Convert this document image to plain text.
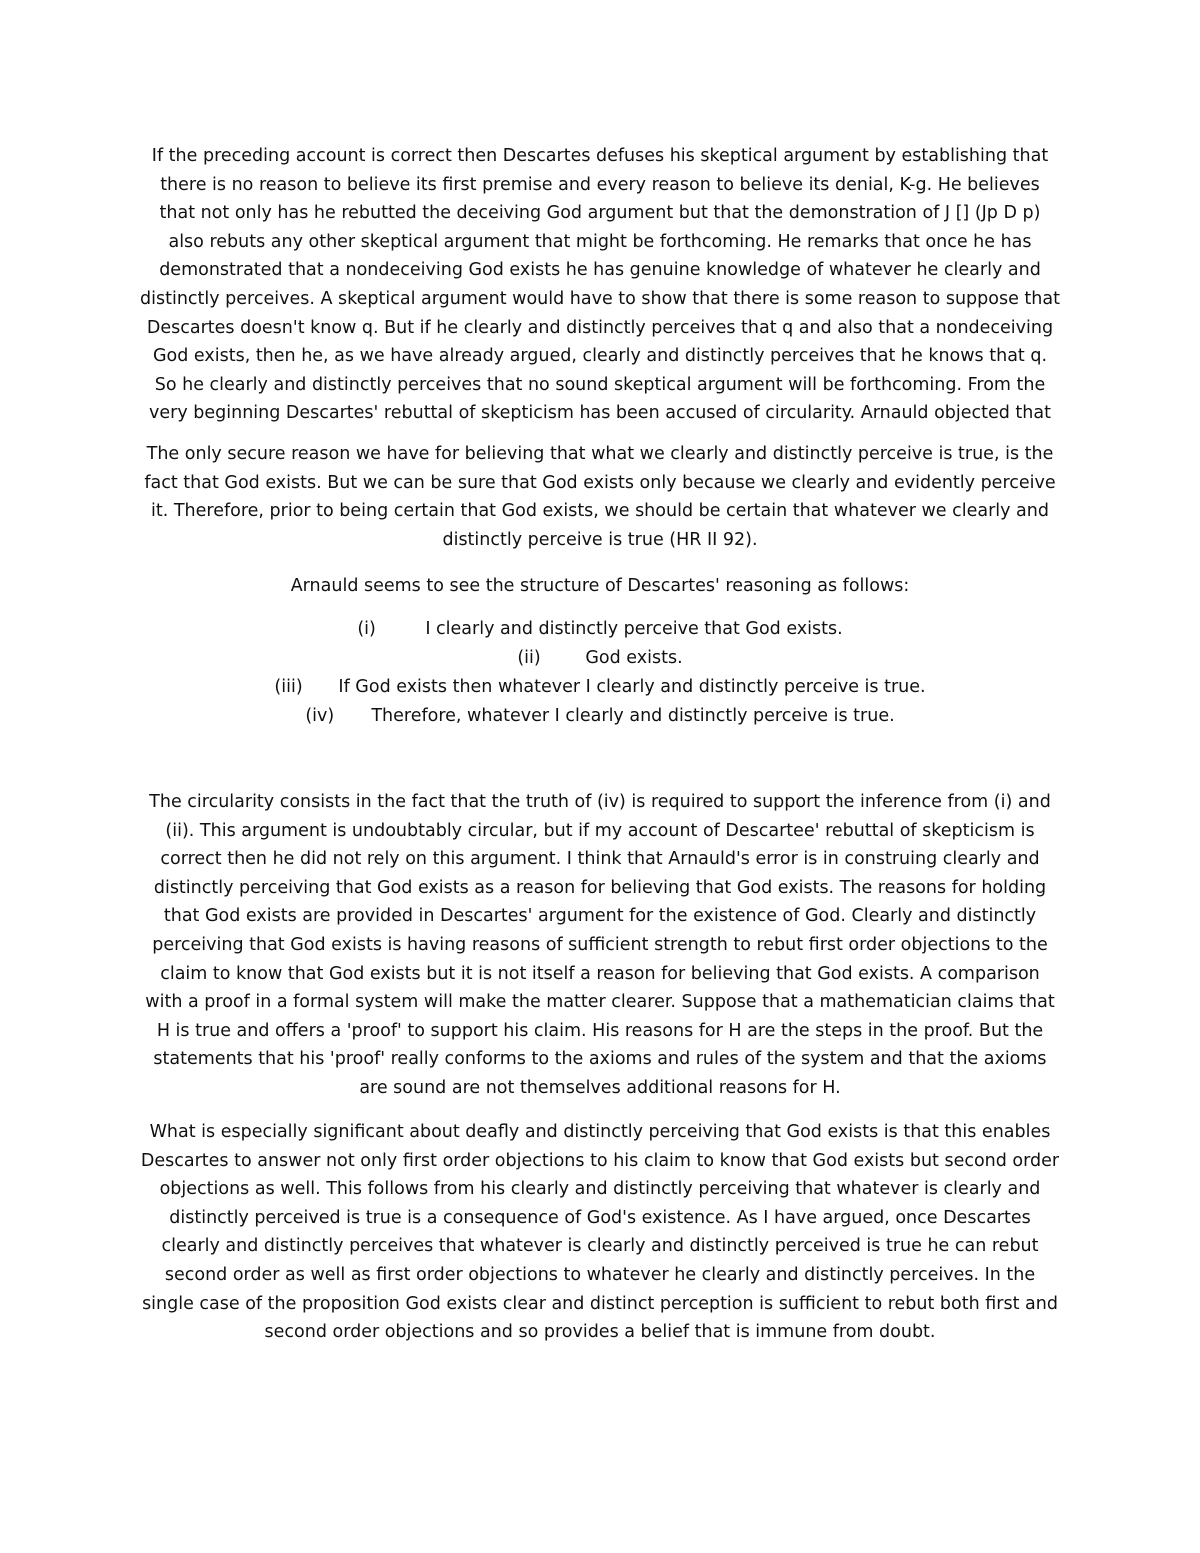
If the preceding account is correct then Descartes defuses his skeptical argument by establishing that there is no reason to believe its first premise and every reason to believe its denial, K-g. He believes that not only has he rebutted the deceiving God argument but that the demonstration of J [] (Jp D p) also rebuts any other skeptical argument that might be forthcoming. He remarks that once he has demonstrated that a nondeceiving God exists he has genuine knowledge of whatever he clearly and distinctly perceives. A skeptical argument would have to show that there is some reason to suppose that Descartes doesn't know q. But if he clearly and distinctly perceives that q and also that a nondeceiving God exists, then he, as we have already argued, clearly and distinctly perceives that he knows that q. So he clearly and distinctly perceives that no sound skeptical argument will be forthcoming. From the very beginning Descartes' rebuttal of skepticism has been accused of circularity. Arnauld objected that

The only secure reason we have for believing that what we clearly and distinctly perceive is true, is the fact that God exists. But we can be sure that God exists only because we clearly and evidently perceive it. Therefore, prior to being certain that God exists, we should be certain that whatever we clearly and distinctly perceive is true (HR II 92).

Arnauld seems to see the structure of Descartes' reasoning as follows:

(i)	I clearly and distinctly perceive that God exists.
(ii)	God exists.
(iii)	If God exists then whatever I clearly and distinctly perceive is true.
(iv)	Therefore, whatever I clearly and distinctly perceive is true.

The circularity consists in the fact that the truth of (iv) is required to support the inference from (i) and (ii). This argument is undoubtably circular, but if my account of Descartee' rebuttal of skepticism is correct then he did not rely on this argument. I think that Arnauld's error is in construing clearly and distinctly perceiving that God exists as a reason for believing that God exists. The reasons for holding that God exists are provided in Descartes' argument for the existence of God. Clearly and distinctly perceiving that God exists is having reasons of sufficient strength to rebut first order objections to the claim to know that God exists but it is not itself a reason for believing that God exists. A comparison with a proof in a formal system will make the matter clearer. Suppose that a mathematician claims that H is true and offers a 'proof' to support his claim. His reasons for H are the steps in the proof. But the statements that his 'proof' really conforms to the axioms and rules of the system and that the axioms are sound are not themselves additional reasons for H.

What is especially significant about deafly and distinctly perceiving that God exists is that this enables Descartes to answer not only first order objections to his claim to know that God exists but second order objections as well. This follows from his clearly and distinctly perceiving that whatever is clearly and distinctly perceived is true is a consequence of God's existence. As I have argued, once Descartes clearly and distinctly perceives that whatever is clearly and distinctly perceived is true he can rebut second order as well as first order objections to whatever he clearly and distinctly perceives. In the single case of the proposition God exists clear and distinct perception is sufficient to rebut both first and second order objections and so provides a belief that is immune from doubt.
